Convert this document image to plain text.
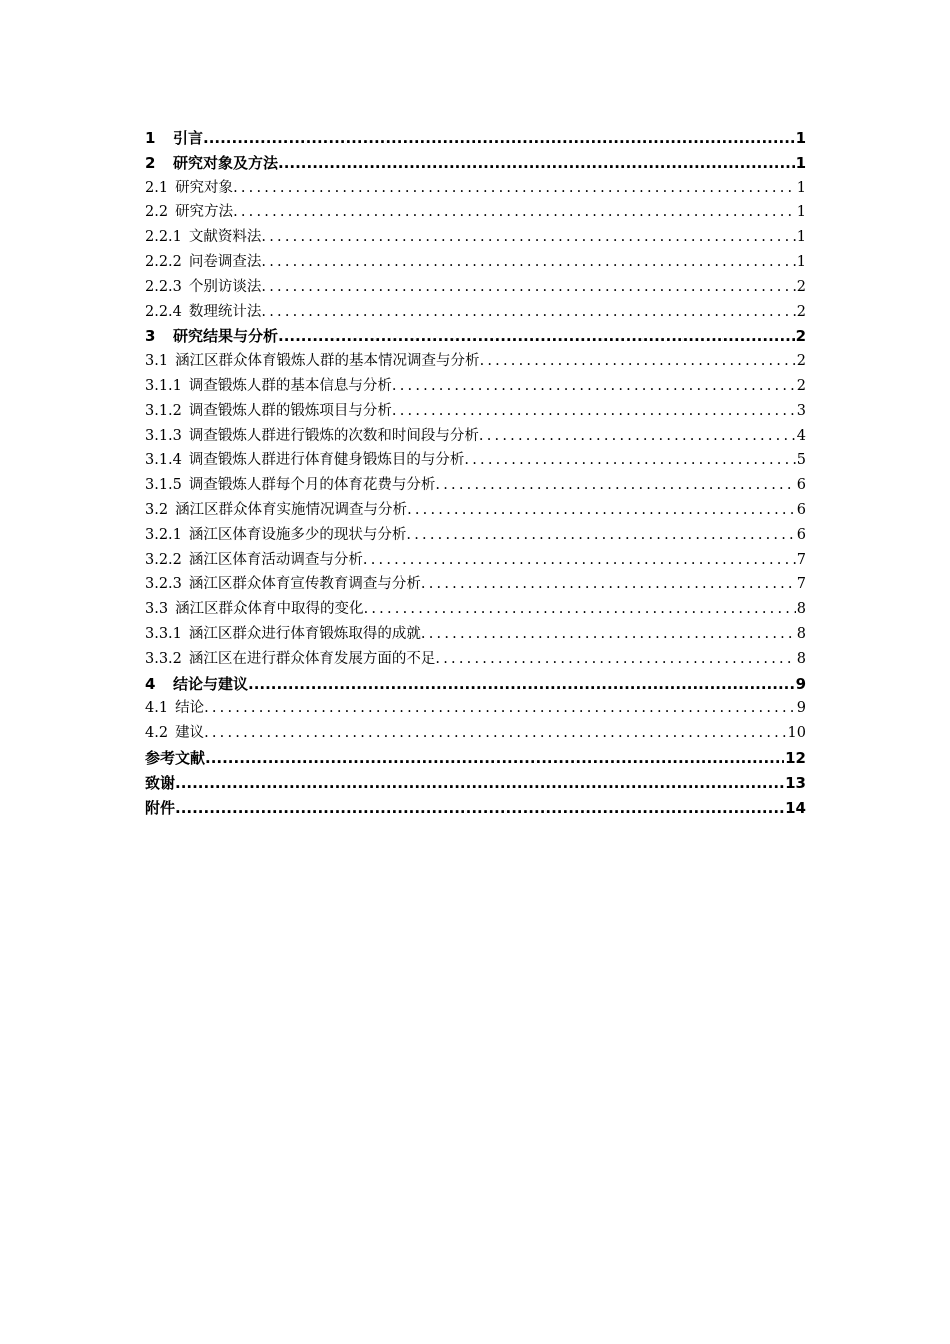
1	引言 .....	1
2	研究对象及方法 .....	1
2.1 研究对象 .....	1
2.2 研究方法 .....	1
2.2.1 文献资料法 .....	1
2.2.2 问卷调查法 .....	1
2.2.3 个别访谈法 .....	2
2.2.4 数理统计法 .....	2
3	研究结果与分析 .....	2
3.1 涵江区群众体育锻炼人群的基本情况调查与分析 .....	2
3.1.1 调查锻炼人群的基本信息与分析 .....	2
3.1.2 调查锻炼人群的锻炼项目与分析 .....	3
3.1.3 调查锻炼人群进行锻炼的次数和时间段与分析 .....	4
3.1.4 调查锻炼人群进行体育健身锻炼目的与分析 .....	5
3.1.5 调查锻炼人群每个月的体育花费与分析 .....	6
3.2 涵江区群众体育实施情况调查与分析 .....	6
3.2.1 涵江区体育设施多少的现状与分析 .....	6
3.2.2 涵江区体育活动调查与分析 .....	7
3.2.3 涵江区群众体育宣传教育调查与分析 .....	7
3.3 涵江区群众体育中取得的变化 .....	8
3.3.1 涵江区群众进行体育锻炼取得的成就 .....	8
3.3.2 涵江区在进行群众体育发展方面的不足 .....	8
4	结论与建议 .....	9
4.1 结论 .....	9
4.2 建议 .....	10
参考文献 .....	12
致谢 .....	13
附件 .....	14
